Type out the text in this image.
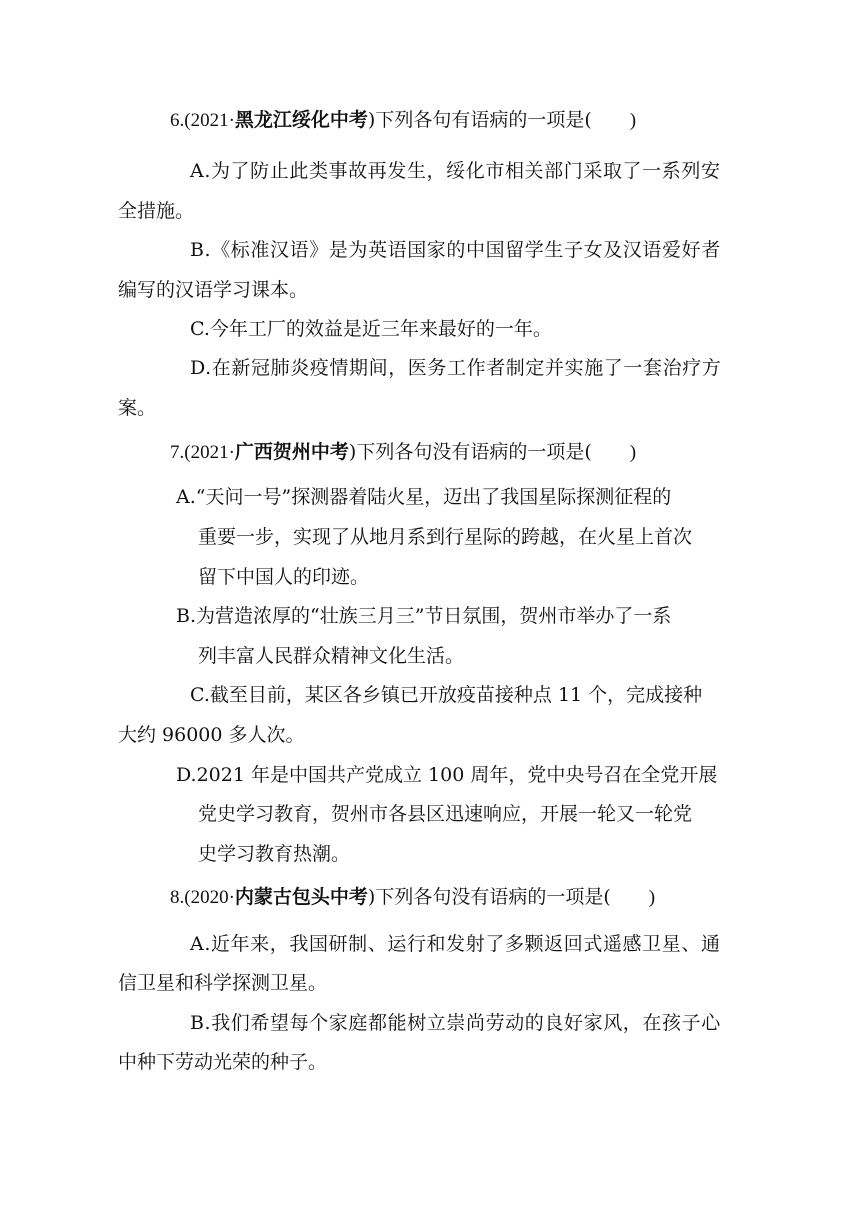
6.(2021·黑龙江绥化中考)下列各句有语病的一项是(        )
A.为了防止此类事故再发生，绥化市相关部门采取了一系列安
全措施。
B.《标准汉语》是为英语国家的中国留学生子女及汉语爱好者
编写的汉语学习课本。
C.今年工厂的效益是近三年来最好的一年。
D.在新冠肺炎疫情期间，医务工作者制定并实施了一套治疗方
案。
7.(2021·广西贺州中考)下列各句没有语病的一项是(        )
A.“天问一号”探测器着陆火星，迈出了我国星际探测征程的
重要一步，实现了从地月系到行星际的跨越，在火星上首次
留下中国人的印迹。
B.为营造浓厚的“壮族三月三”节日氛围，贺州市举办了一系
列丰富人民群众精神文化生活。
C.截至目前，某区各乡镇已开放疫苗接种点 11 个，完成接种
大约 96000 多人次。
D.2021 年是中国共产党成立 100 周年，党中央号召在全党开展
党史学习教育，贺州市各县区迅速响应，开展一轮又一轮党
史学习教育热潮。
8.(2020·内蒙古包头中考)下列各句没有语病的一项是(        )
A.近年来，我国研制、运行和发射了多颗返回式遥感卫星、通
信卫星和科学探测卫星。
B.我们希望每个家庭都能树立崇尚劳动的良好家风，在孩子心
中种下劳动光荣的种子。
